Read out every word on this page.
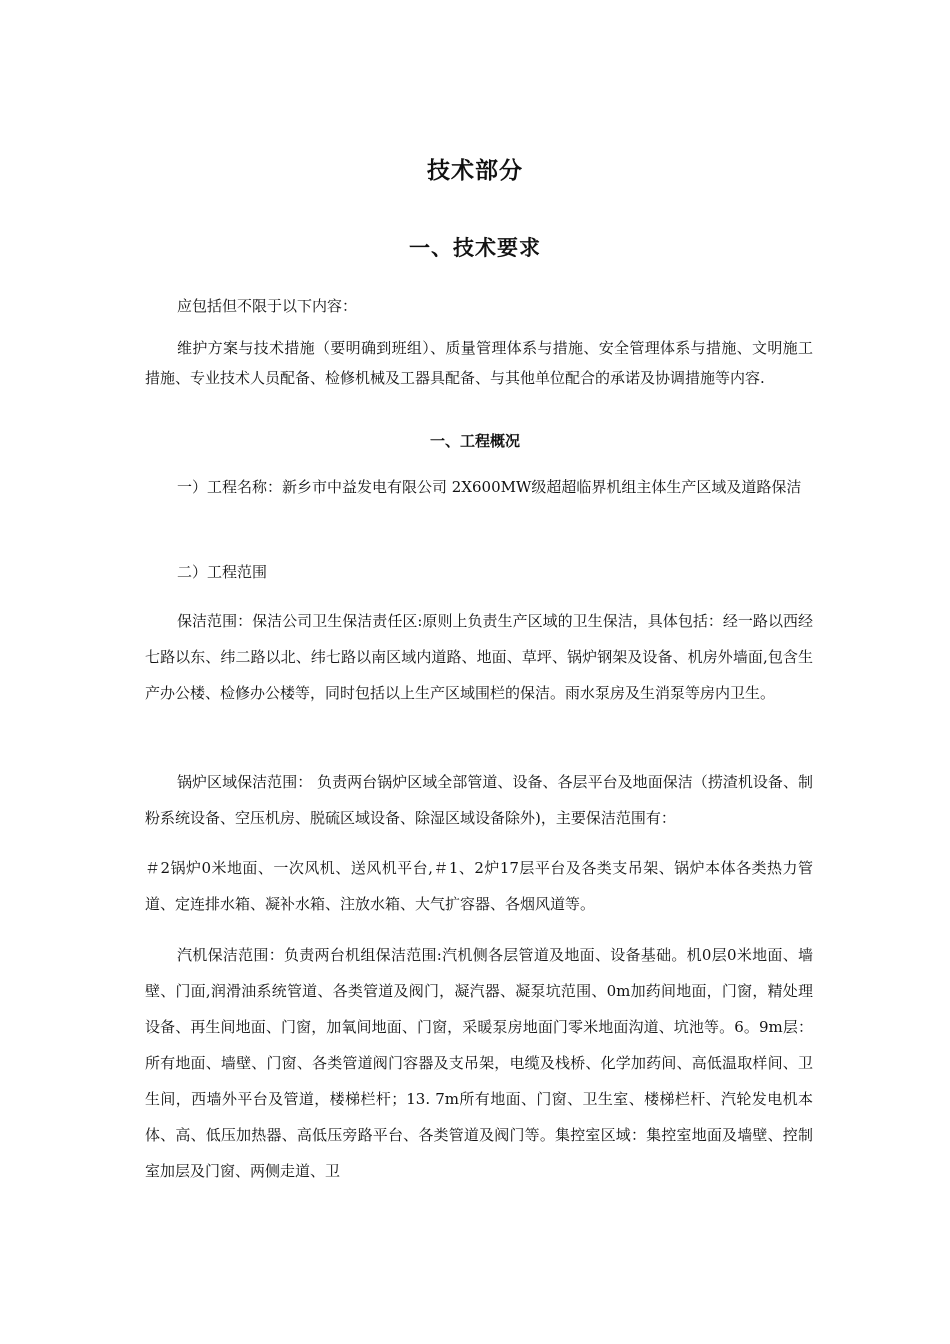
技术部分
一、技术要求

应包括但不限于以下内容：

维护方案与技术措施（要明确到班组）、质量管理体系与措施、安全管理体系与措施、文明施工措施、专业技术人员配备、检修机械及工器具配备、与其他单位配合的承诺及协调措施等内容.

一、工程概况

一）工程名称：新乡市中益发电有限公司 2X600MW级超超临界机组主体生产区域及道路保洁

二）工程范围

保洁范围：保洁公司卫生保洁责任区:原则上负责生产区域的卫生保洁，具体包括：经一路以西经七路以东、纬二路以北、纬七路以南区域内道路、地面、草坪、锅炉钢架及设备、机房外墙面,包含生产办公楼、检修办公楼等，同时包括以上生产区域围栏的保洁。雨水泵房及生消泵等房内卫生。

锅炉区域保洁范围： 负责两台锅炉区域全部管道、设备、各层平台及地面保洁（捞渣机设备、制粉系统设备、空压机房、脱硫区域设备、除湿区域设备除外)，主要保洁范围有：

＃2锅炉0米地面、一次风机、送风机平台,＃1、2炉17层平台及各类支吊架、锅炉本体各类热力管道、定连排水箱、凝补水箱、注放水箱、大气扩容器、各烟风道等。

汽机保洁范围：负责两台机组保洁范围:汽机侧各层管道及地面、设备基础。机0层0米地面、墙壁、门面,润滑油系统管道、各类管道及阀门，凝汽器、凝泵坑范围、0m加药间地面，门窗，精处理设备、再生间地面、门窗，加氧间地面、门窗，采暖泵房地面门零米地面沟道、坑池等。6。9m层：所有地面、墙壁、门窗、各类管道阀门容器及支吊架，电缆及栈桥、化学加药间、高低温取样间、卫生间，西墙外平台及管道，楼梯栏杆；13. 7m所有地面、门窗、卫生室、楼梯栏杆、汽轮发电机本体、高、低压加热器、高低压旁路平台、各类管道及阀门等。集控室区域：集控室地面及墙壁、控制室加层及门窗、两侧走道、卫
